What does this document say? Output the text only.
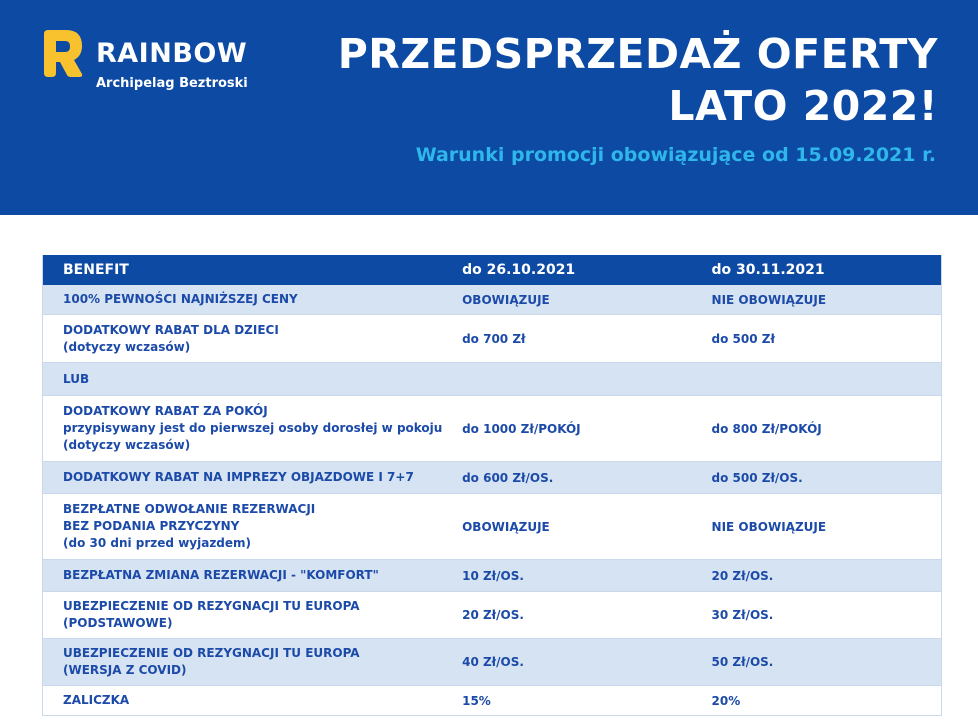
RAINBOW
Archipelag Beztroski
PRZEDSPRZEDAŻ OFERTY
LATO 2022!
Warunki promocji obowiązujące od 15.09.2021 r.
BENEFIT	do 26.10.2021	do 30.11.2021
100% PEWNOŚCI NAJNIŻSZEJ CENY	OBOWIĄZUJE	NIE OBOWIĄZUJE
DODATKOWY RABAT DLA DZIECI
(dotyczy wczasów)
do 700 Zł	do 500 Zł
LUB
DODATKOWY RABAT ZA POKÓJ
przypisywany jest do pierwszej osoby dorosłej w pokoju
(dotyczy wczasów)
do 1000 Zł/POKÓJ	do 800 Zł/POKÓJ
DODATKOWY RABAT NA IMPREZY OBJAZDOWE I 7+7	do 600 Zł/OS.	do 500 Zł/OS.
BEZPŁATNE ODWOŁANIE REZERWACJI
BEZ PODANIA PRZYCZYNY
(do 30 dni przed wyjazdem)
OBOWIĄZUJE	NIE OBOWIĄZUJE
BEZPŁATNA ZMIANA REZERWACJI - "KOMFORT"	10 Zł/OS.	20 Zł/OS.
UBEZPIECZENIE OD REZYGNACJI TU EUROPA
(PODSTAWOWE)
20 Zł/OS.	30 Zł/OS.
UBEZPIECZENIE OD REZYGNACJI TU EUROPA
(WERSJA Z COVID)
40 Zł/OS.	50 Zł/OS.
ZALICZKA	15%	20%
